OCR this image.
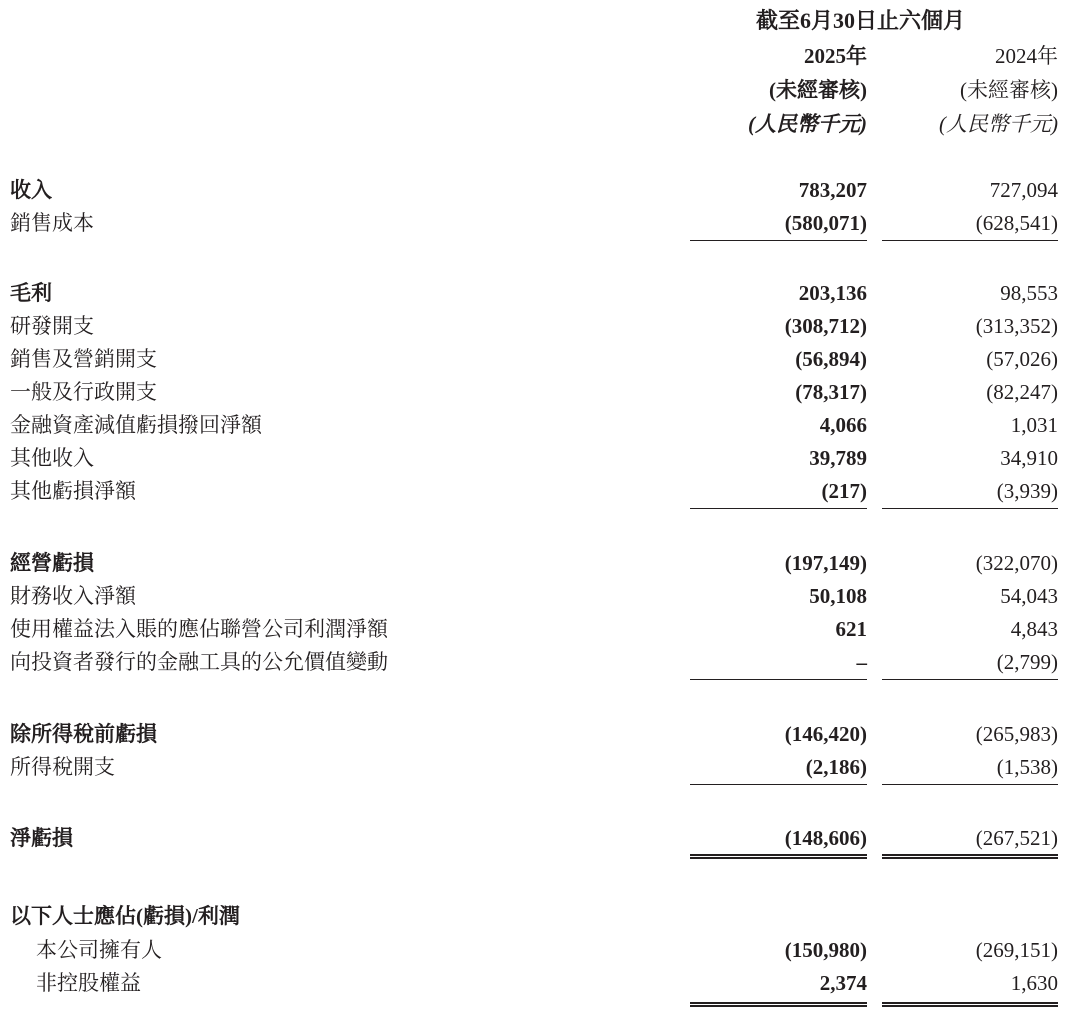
截至6月30日止六個月
2025年	2024年
(未經審核)	(未經審核)
(人民幣千元)	(人民幣千元)
收入	783,207	727,094
銷售成本	(580,071)	(628,541)
毛利	203,136	98,553
研發開支	(308,712)	(313,352)
銷售及營銷開支	(56,894)	(57,026)
一般及行政開支	(78,317)	(82,247)
金融資產減值虧損撥回淨額	4,066	1,031
其他收入	39,789	34,910
其他虧損淨額	(217)	(3,939)
經營虧損	(197,149)	(322,070)
財務收入淨額	50,108	54,043
使用權益法入賬的應佔聯營公司利潤淨額	621	4,843
向投資者發行的金融工具的公允價值變動	–	(2,799)
除所得稅前虧損	(146,420)	(265,983)
所得稅開支	(2,186)	(1,538)
淨虧損	(148,606)	(267,521)
以下人士應佔(虧損)/利潤
本公司擁有人	(150,980)	(269,151)
非控股權益	2,374	1,630
